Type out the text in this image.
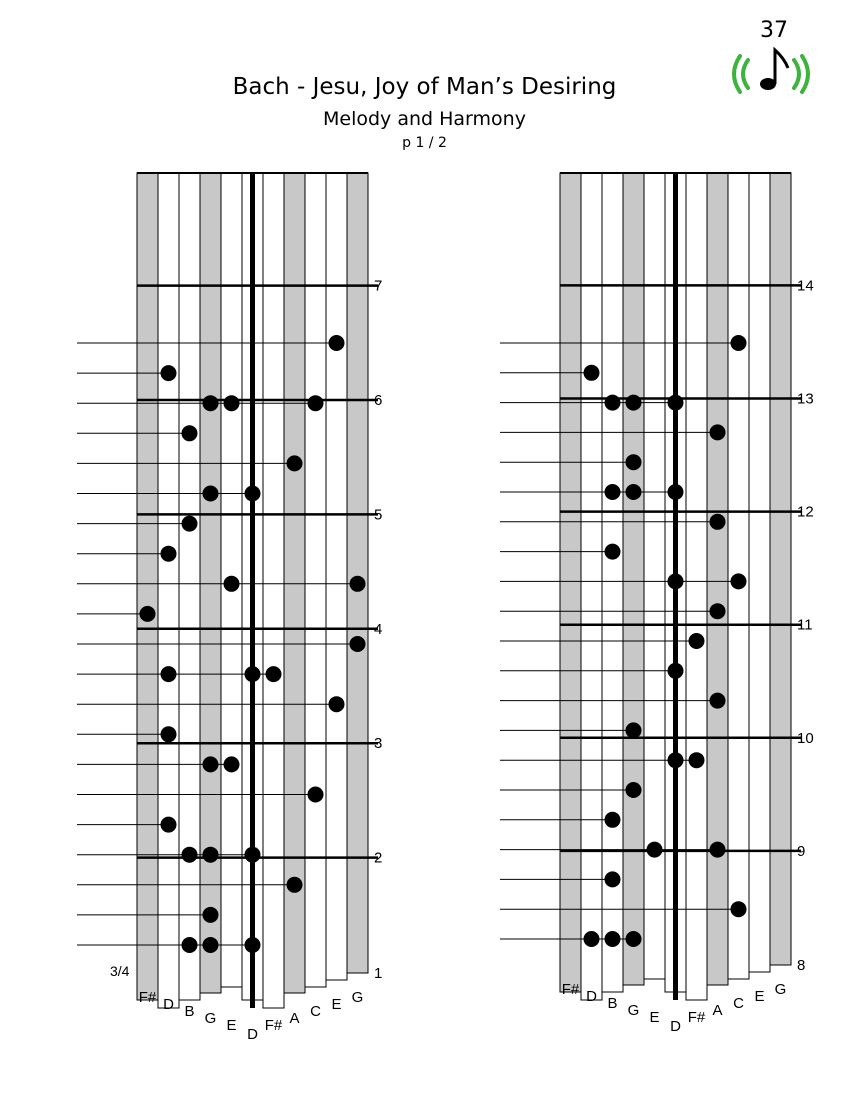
37
Bach - Jesu, Joy of Man’s Desiring
Melody and Harmony
p 1 / 2
F# D B G E
D
F# A C E G
1
2
3
4
5
6
7
3/4
F# D B G E
D
F# A C E G
8
9
10
11
12
13
14
